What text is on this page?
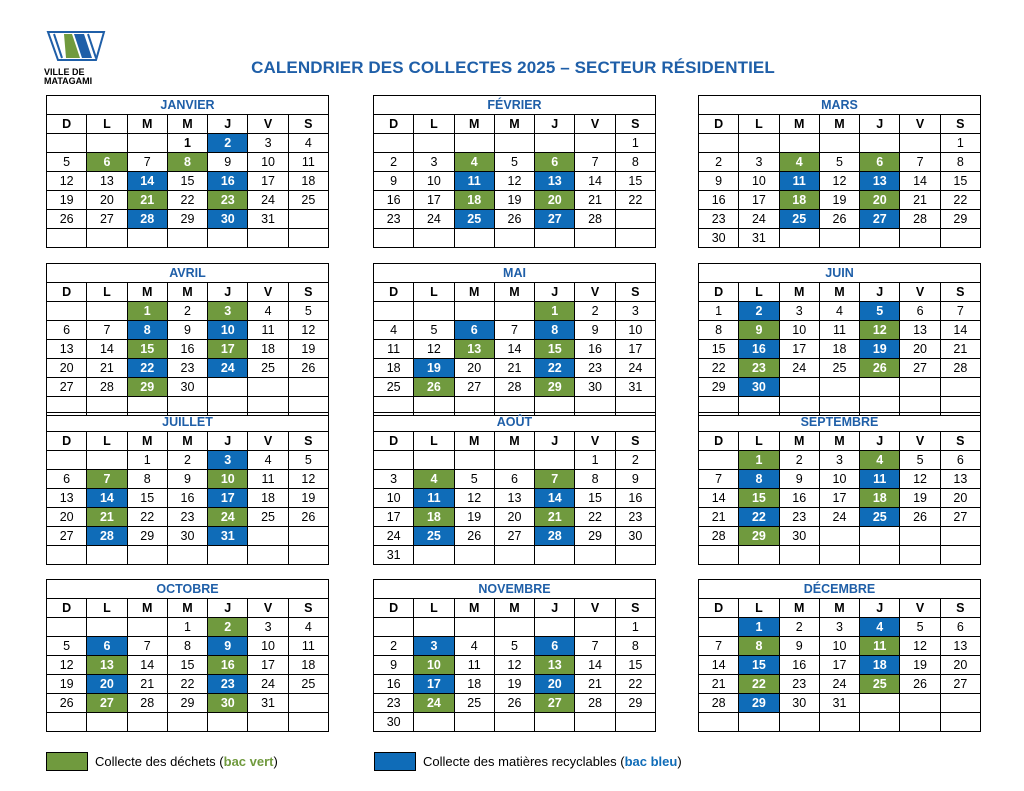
VILLE DE
MATAGAMI
CALENDRIER DES COLLECTES 2025 – SECTEUR RÉSIDENTIEL
JANVIER						
D	L	M	M	J	V	S
			1	2	3	4
5	6	7	8	9	10	11
12	13	14	15	16	17	18
19	20	21	22	23	24	25
26	27	28	29	30	31	

FÉVRIER						
D	L	M	M	J	V	S
						1
2	3	4	5	6	7	8
9	10	11	12	13	14	15
16	17	18	19	20	21	22
23	24	25	26	27	28	

MARS						
D	L	M	M	J	V	S
						1
2	3	4	5	6	7	8
9	10	11	12	13	14	15
16	17	18	19	20	21	22
23	24	25	26	27	28	29
30	31					
AVRIL						
D	L	M	M	J	V	S
		1	2	3	4	5
6	7	8	9	10	11	12
13	14	15	16	17	18	19
20	21	22	23	24	25	26
27	28	29	30			

MAI						
D	L	M	M	J	V	S
				1	2	3
4	5	6	7	8	9	10
11	12	13	14	15	16	17
18	19	20	21	22	23	24
25	26	27	28	29	30	31

JUIN						
D	L	M	M	J	V	S
1	2	3	4	5	6	7
8	9	10	11	12	13	14
15	16	17	18	19	20	21
22	23	24	25	26	27	28
29	30					

JUILLET						
D	L	M	M	J	V	S
		1	2	3	4	5
6	7	8	9	10	11	12
13	14	15	16	17	18	19
20	21	22	23	24	25	26
27	28	29	30	31		

AOÛT						
D	L	M	M	J	V	S
					1	2
3	4	5	6	7	8	9
10	11	12	13	14	15	16
17	18	19	20	21	22	23
24	25	26	27	28	29	30
31						
SEPTEMBRE						
D	L	M	M	J	V	S
	1	2	3	4	5	6
7	8	9	10	11	12	13
14	15	16	17	18	19	20
21	22	23	24	25	26	27
28	29	30				

OCTOBRE						
D	L	M	M	J	V	S
			1	2	3	4
5	6	7	8	9	10	11
12	13	14	15	16	17	18
19	20	21	22	23	24	25
26	27	28	29	30	31	

NOVEMBRE						
D	L	M	M	J	V	S
						1
2	3	4	5	6	7	8
9	10	11	12	13	14	15
16	17	18	19	20	21	22
23	24	25	26	27	28	29
30						
DÉCEMBRE						
D	L	M	M	J	V	S
	1	2	3	4	5	6
7	8	9	10	11	12	13
14	15	16	17	18	19	20
21	22	23	24	25	26	27
28	29	30	31			

Collecte des déchets (bac vert)	Collecte des matières recyclables (bac bleu)
